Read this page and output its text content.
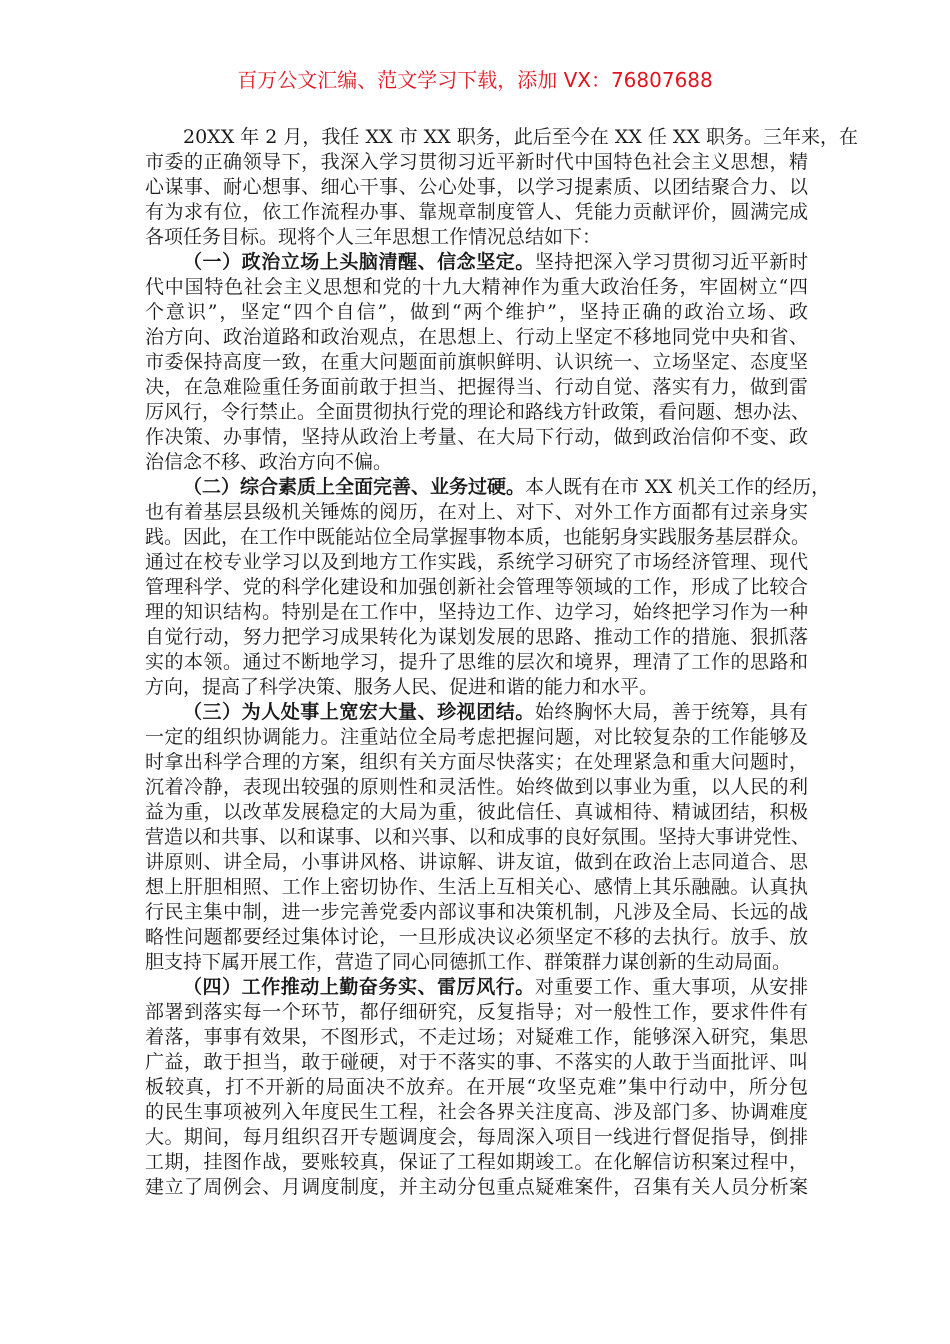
百万公文汇编、范文学习下载，添加 VX：76807688
20XX 年 2 月，我任 XX 市 XX 职务，此后至今在 XX 任 XX 职务。三年来，在
市委的正确领导下，我深入学习贯彻习近平新时代中国特色社会主义思想，精
心谋事、耐心想事、细心干事、公心处事，以学习提素质、以团结聚合力、以
有为求有位，依工作流程办事、靠规章制度管人、凭能力贡献评价，圆满完成
各项任务目标。现将个人三年思想工作情况总结如下：
（一）政治立场上头脑清醒、信念坚定。坚持把深入学习贯彻习近平新时
代中国特色社会主义思想和党的十九大精神作为重大政治任务，牢固树立“四
个意识”，坚定“四个自信”，做到“两个维护”，坚持正确的政治立场、政
治方向、政治道路和政治观点，在思想上、行动上坚定不移地同党中央和省、
市委保持高度一致，在重大问题面前旗帜鲜明、认识统一、立场坚定、态度坚
决，在急难险重任务面前敢于担当、把握得当、行动自觉、落实有力，做到雷
厉风行，令行禁止。全面贯彻执行党的理论和路线方针政策，看问题、想办法、
作决策、办事情，坚持从政治上考量、在大局下行动，做到政治信仰不变、政
治信念不移、政治方向不偏。
（二）综合素质上全面完善、业务过硬。本人既有在市 XX 机关工作的经历，
也有着基层县级机关锤炼的阅历，在对上、对下、对外工作方面都有过亲身实
践。因此，在工作中既能站位全局掌握事物本质，也能躬身实践服务基层群众。
通过在校专业学习以及到地方工作实践，系统学习研究了市场经济管理、现代
管理科学、党的科学化建设和加强创新社会管理等领域的工作，形成了比较合
理的知识结构。特别是在工作中，坚持边工作、边学习，始终把学习作为一种
自觉行动，努力把学习成果转化为谋划发展的思路、推动工作的措施、狠抓落
实的本领。通过不断地学习，提升了思维的层次和境界，理清了工作的思路和
方向，提高了科学决策、服务人民、促进和谐的能力和水平。
（三）为人处事上宽宏大量、珍视团结。始终胸怀大局，善于统筹，具有
一定的组织协调能力。注重站位全局考虑把握问题，对比较复杂的工作能够及
时拿出科学合理的方案，组织有关方面尽快落实；在处理紧急和重大问题时，
沉着冷静，表现出较强的原则性和灵活性。始终做到以事业为重，以人民的利
益为重，以改革发展稳定的大局为重，彼此信任、真诚相待、精诚团结，积极
营造以和共事、以和谋事、以和兴事、以和成事的良好氛围。坚持大事讲党性、
讲原则、讲全局，小事讲风格、讲谅解、讲友谊，做到在政治上志同道合、思
想上肝胆相照、工作上密切协作、生活上互相关心、感情上其乐融融。认真执
行民主集中制，进一步完善党委内部议事和决策机制，凡涉及全局、长远的战
略性问题都要经过集体讨论，一旦形成决议必须坚定不移的去执行。放手、放
胆支持下属开展工作，营造了同心同德抓工作、群策群力谋创新的生动局面。
（四）工作推动上勤奋务实、雷厉风行。对重要工作、重大事项，从安排
部署到落实每一个环节，都仔细研究，反复指导；对一般性工作，要求件件有
着落，事事有效果，不图形式，不走过场；对疑难工作，能够深入研究，集思
广益，敢于担当，敢于碰硬，对于不落实的事、不落实的人敢于当面批评、叫
板较真，打不开新的局面决不放弃。在开展“攻坚克难”集中行动中，所分包
的民生事项被列入年度民生工程，社会各界关注度高、涉及部门多、协调难度
大。期间，每月组织召开专题调度会，每周深入项目一线进行督促指导，倒排
工期，挂图作战，要账较真，保证了工程如期竣工。在化解信访积案过程中，
建立了周例会、月调度制度，并主动分包重点疑难案件，召集有关人员分析案
